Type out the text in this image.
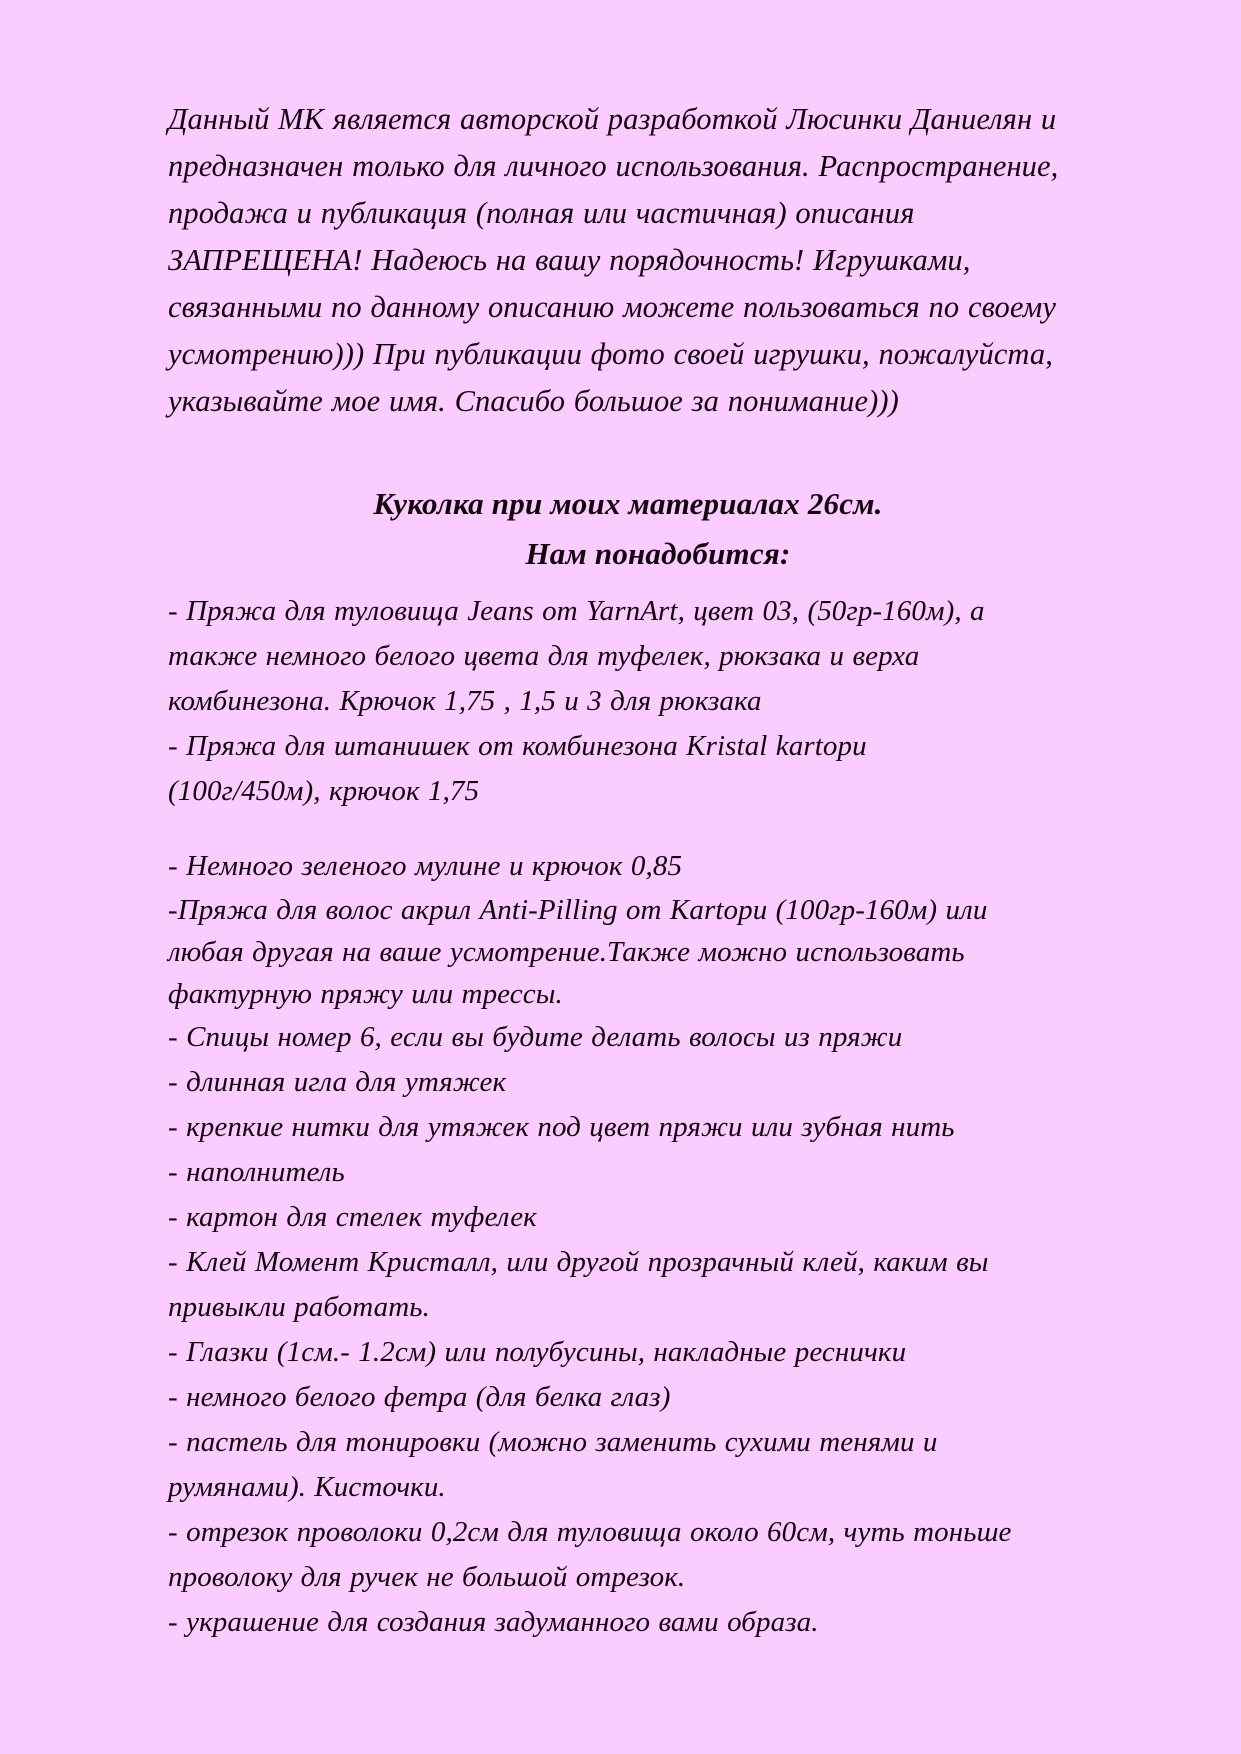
Данный МК является авторской разработкой Люсинки Даниелян и
предназначен только для личного использования. Распространение,
продажа и публикация (полная или частичная) описания
ЗАПРЕЩЕНА! Надеюсь на вашу порядочность! Игрушками,
связанными по данному описанию можете пользоваться по своему
усмотрению))) При публикации фото своей игрушки, пожалуйста,
указывайте мое имя. Спасибо большое за понимание)))
Куколка при моих материалах 26см.
Нам понадобится:
- Пряжа для туловища Jeans от YarnArt, цвет 03, (50гр-160м), а
также немного белого цвета для туфелек, рюкзака и верха
комбинезона. Крючок 1,75 , 1,5 и 3 для рюкзака
- Пряжа для штанишек от комбинезона Kristal kartopu
(100г/450м), крючок 1,75
- Немного зеленого мулине и крючок 0,85
-Пряжа для волос акрил Anti-Pilling от Kartopu (100гр-160м) или
любая другая на ваше усмотрение.Также можно использовать
фактурную пряжу или трессы.
- Спицы номер 6, если вы будите делать волосы из пряжи
- длинная игла для утяжек
- крепкие нитки для утяжек под цвет пряжи или зубная нить
- наполнитель
- картон для стелек туфелек
- Клей Момент Кристалл, или другой прозрачный клей, каким вы
привыкли работать.
- Глазки (1см.- 1.2см) или полубусины, накладные реснички
- немного белого фетра (для белка глаз)
- пастель для тонировки (можно заменить сухими тенями и
румянами). Кисточки.
- отрезок проволоки 0,2см для туловища около 60см, чуть тоньше
проволоку для ручек не большой отрезок.
- украшение для создания задуманного вами образа.
